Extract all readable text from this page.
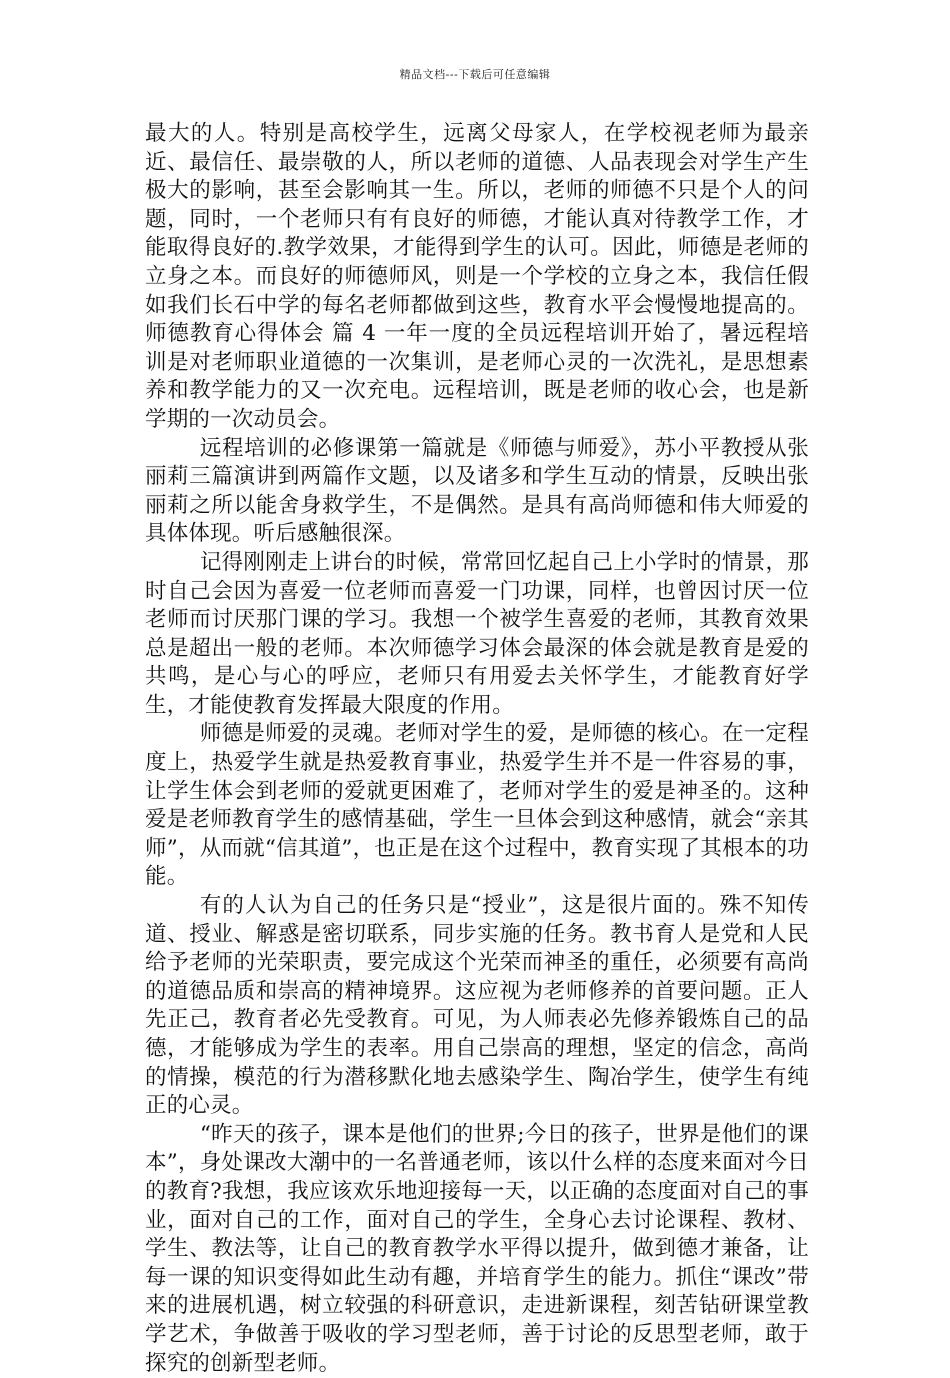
精品文档---下载后可任意编辑

最大的人。特别是高校学生，远离父母家人，在学校视老师为最亲近、最信任、最崇敬的人，所以老师的道德、人品表现会对学生产生极大的影响，甚至会影响其一生。所以，老师的师德不只是个人的问题，同时，一个老师只有有良好的师德，才能认真对待教学工作，才能取得良好的.教学效果，才能得到学生的认可。因此，师德是老师的立身之本。而良好的师德师风，则是一个学校的立身之本，我信任假如我们长石中学的每名老师都做到这些，教育水平会慢慢地提高的。师德教育心得体会 篇 4 一年一度的全员远程培训开始了，暑远程培训是对老师职业道德的一次集训，是老师心灵的一次洗礼，是思想素养和教学能力的又一次充电。远程培训，既是老师的收心会，也是新学期的一次动员会。

远程培训的必修课第一篇就是《师德与师爱》，苏小平教授从张丽莉三篇演讲到两篇作文题，以及诸多和学生互动的情景，反映出张丽莉之所以能舍身救学生，不是偶然。是具有高尚师德和伟大师爱的具体体现。听后感触很深。

记得刚刚走上讲台的时候，常常回忆起自己上小学时的情景，那时自己会因为喜爱一位老师而喜爱一门功课，同样，也曾因讨厌一位老师而讨厌那门课的学习。我想一个被学生喜爱的老师，其教育效果总是超出一般的老师。本次师德学习体会最深的体会就是教育是爱的共鸣，是心与心的呼应，老师只有用爱去关怀学生，才能教育好学生，才能使教育发挥最大限度的作用。

师德是师爱的灵魂。老师对学生的爱，是师德的核心。在一定程度上，热爱学生就是热爱教育事业，热爱学生并不是一件容易的事，让学生体会到老师的爱就更困难了，老师对学生的爱是神圣的。这种爱是老师教育学生的感情基础，学生一旦体会到这种感情，就会“亲其师”，从而就“信其道”，也正是在这个过程中，教育实现了其根本的功能。

有的人认为自己的任务只是“授业”，这是很片面的。殊不知传道、授业、解惑是密切联系，同步实施的任务。教书育人是党和人民给予老师的光荣职责，要完成这个光荣而神圣的重任，必须要有高尚的道德品质和崇高的精神境界。这应视为老师修养的首要问题。正人先正己，教育者必先受教育。可见，为人师表必先修养锻炼自己的品德，才能够成为学生的表率。用自己崇高的理想，坚定的信念，高尚的情操，模范的行为潜移默化地去感染学生、陶冶学生，使学生有纯正的心灵。

“昨天的孩子，课本是他们的世界;今日的孩子，世界是他们的课本”，身处课改大潮中的一名普通老师，该以什么样的态度来面对今日的教育?我想，我应该欢乐地迎接每一天，以正确的态度面对自己的事业，面对自己的工作，面对自己的学生，全身心去讨论课程、教材、学生、教法等，让自己的教育教学水平得以提升，做到德才兼备，让每一课的知识变得如此生动有趣，并培育学生的能力。抓住“课改”带来的进展机遇，树立较强的科研意识，走进新课程，刻苦钻研课堂教学艺术，争做善于吸收的学习型老师，善于讨论的反思型老师，敢于探究的创新型老师。
